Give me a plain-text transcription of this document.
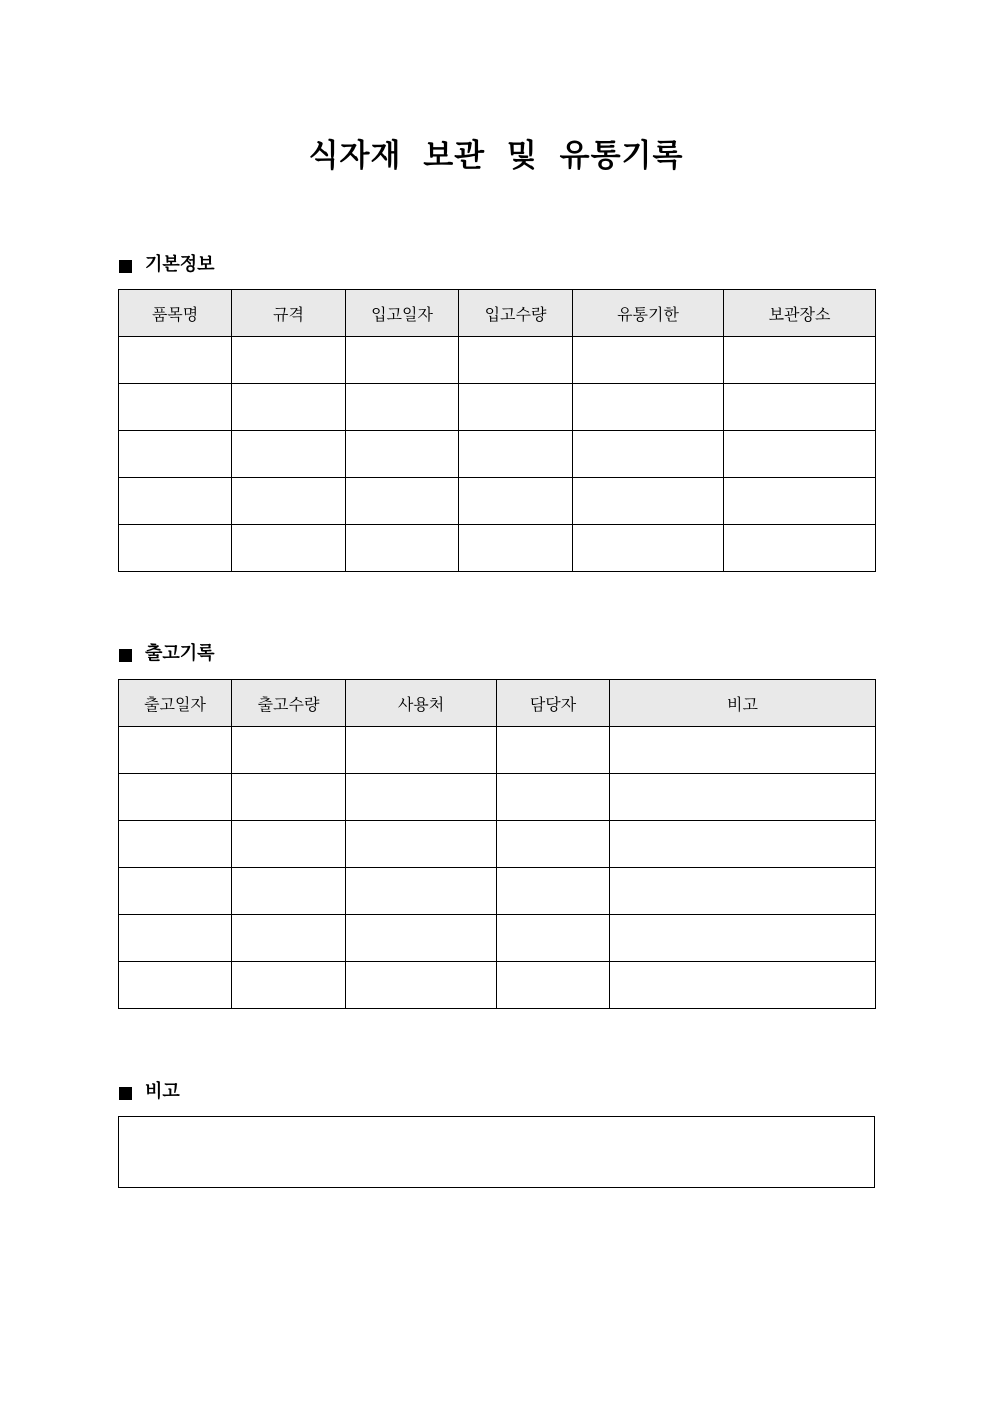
식자재 보관 및 유통기록
기본정보
품목명	규격	입고일자	입고수량	유통기한	보관장소

출고기록
출고일자	출고수량	사용처	담당자	비고

비고
